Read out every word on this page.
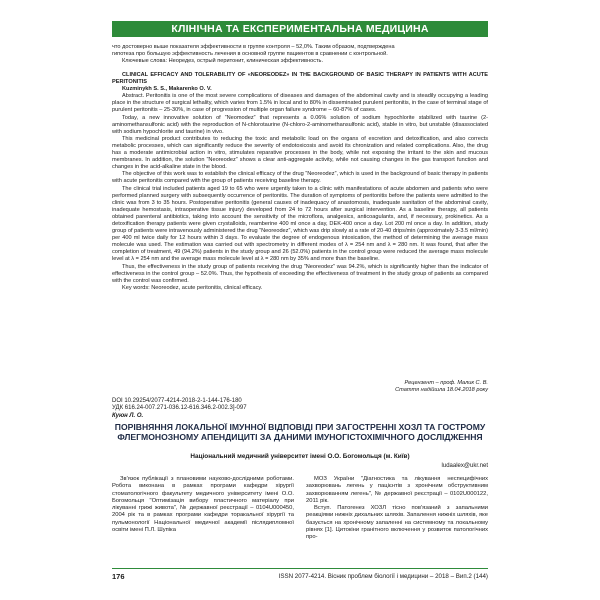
КЛІНІЧНА ТА ЕКСПЕРИМЕНТАЛЬНА МЕДИЦИНА

что достоверно выше показателя эффективности в группе контроля – 52,0%. Таким образом, подтверждена

гипотеза про большую эффективность лечения в основной группе пациентов в сравнении с контрольной.

Ключевые слова: Неоредез, острый перитонит, клиническая эффективность.

CLINICAL EFFICACY AND TOLERABILITY OF «NEOREODEZ» IN THE BACKGROUND OF BASIC THERAPY IN PATIENTS WITH ACUTE PERITONITIS

Kuzminykh S. S., Makarenko O. V.

Abstract. Peritonitis is one of the most severe complications of diseases and damages of the abdominal cavity and is steadily occupying a leading place in the structure of surgical lethality, which varies from 1.5% in local and to 80% in disseminated purulent peritonitis, in the case of terminal stage of purulent peritonitis – 25-30%, in case of progression of multiple organ failure syndrome – 60-87% of cases.

Today, a new innovative solution of “Neomodez” that represents a 0.06% solution of sodium hypochlorite stabilized with taurine (2-aminomethansulfonic acid) with the reproduction of N-chlorotaurine (N-chloro-2-aminomethansulfonic acid), stable in vitro, but unstable (disassociated with sodium hypochlorite and taurine) in vivo.

This medicinal product contributes to reducing the toxic and metabolic load on the organs of excretion and detoxification, and also corrects metabolic processes, which can significantly reduce the severity of endotoxicosis and avoid its chronization and related complications. Also, the drug has a moderate antimicrobial action in vitro, stimulates reparative processes in the body, while not exposing the irritant to the skin and mucous membranes. In addition, the solution “Neoreodez” shows a clear anti-aggregate activity, while not causing changes in the gas transport function and changes in the acid-alkaline state in the blood.

The objective of this work was to establish the clinical efficacy of the drug “Neoreodez”, which is used in the background of basic therapy in patients with acute peritonitis compared with the group of patients receiving baseline therapy.

The clinical trial included patients aged 19 to 65 who were urgently taken to a clinic with manifestations of acute abdomen and patients who were performed planned surgery with subsequently occurrence of peritonitis. The duration of symptoms of peritonitis before the patients were admitted to the clinic was from 3 to 35 hours. Postoperative peritonitis (general causes of inadequacy of anastomosis, inadequate sanitation of the abdominal cavity, inadequate hemostasis, intraoperative tissue injury) developed from 24 to 72 hours after surgical intervention. As a baseline therapy, all patients obtained parenteral antibiotics, taking into account the sensitivity of the microflora, analgesics, anticoagulants, and, if necessary, prokinetics. As a detoxification therapy patients were given crystalloids, reamberine 400 ml once a day, DEK-400 once a day. Lot 200 ml once a day. In addition, study group of patients were intravenously administered the drug “Neoreodez”, which was drip slowly at a rate of 20-40 drips/min (approximately 3-3.5 ml/min) per 400 ml twice daily for 12 hours within 3 days. To evaluate the degree of endogenous intoxication, the method of determining the average mass molecule was used. The estimation was carried out with spectrometry in different modes of λ = 254 nm and λ = 280 nm. It was found, that after the completion of treatment, 49 (94.2%) patients in the study group and 26 (52.0%) patients in the control group were reduced the average mass molecule level at λ = 254 nm and the average mass molecule level at λ = 280 nm by 35% and more than the baseline.

Thus, the effectiveness in the study group of patients receiving the drug “Neoreodez” was 94.2%, which is significantly higher than the indicator of effectiveness in the control group – 52.0%. Thus, the hypothesis of exceeding the effectiveness of treatment in the study group of patients as compared with the control was confirmed.

Key words: Neoreodez, acute peritonitis, clinical efficacy.

Рецензент – проф. Малик С. В.
Стаття надійшла 18.04.2018 року

DOI 10.29254/2077-4214-2018-2-1-144-176-180

УДК 616.24-007.271-036.12-616.346.2-002.3]-097

Куюн Л. О.

ПОРІВНЯННЯ ЛОКАЛЬНОЇ ІМУННОЇ ВІДПОВІДІ ПРИ ЗАГОСТРЕННІ ХОЗЛ ТА ГОСТРОМУ ФЛЕГМОНОЗНОМУ АПЕНДИЦИТІ ЗА ДАНИМИ ІМУНОГІСТОХІМІЧНОГО ДОСЛІДЖЕННЯ
Національний медичний університет імені О.О. Богомольця (м. Київ)
ludaalex@ukr.net

Зв'язок публікації з плановими науково-дослідними роботами. Робота виконана в рамках програми кафедри хірургії стоматологічного факультету медичного університету імені О.О. Богомольця "Оптимізація вибору пластичного матеріалу при лікуванні грижі живота", № державної реєстрації – 0104U000450, 2004 рік та в рамках програми кафедри торакальної хірургії та пульмонології Національної медичної академії післядипломної освіти імені П.Л. Шупіка

МОЗ України "Діагностика та лікування неспецифічних захворювань легень у пацієнтів з хронічним обструктивним захворюванням легень", № державної реєстрації – 0102U000122, 2011 рік.

Вступ. Патогенез ХОЗЛ тісно пов'язаний з запальними реакціями нижніх дихальних шляхів. Запалення нижніх шляхів, яке базується на хронічному запаленні на системному та локальному рівнях [1]. Цитокіни гранітного включення у розвиток патологічних про-

176	ISSN 2077-4214. Вісник проблем біології і медицини – 2018 – Вип.2 (144)
